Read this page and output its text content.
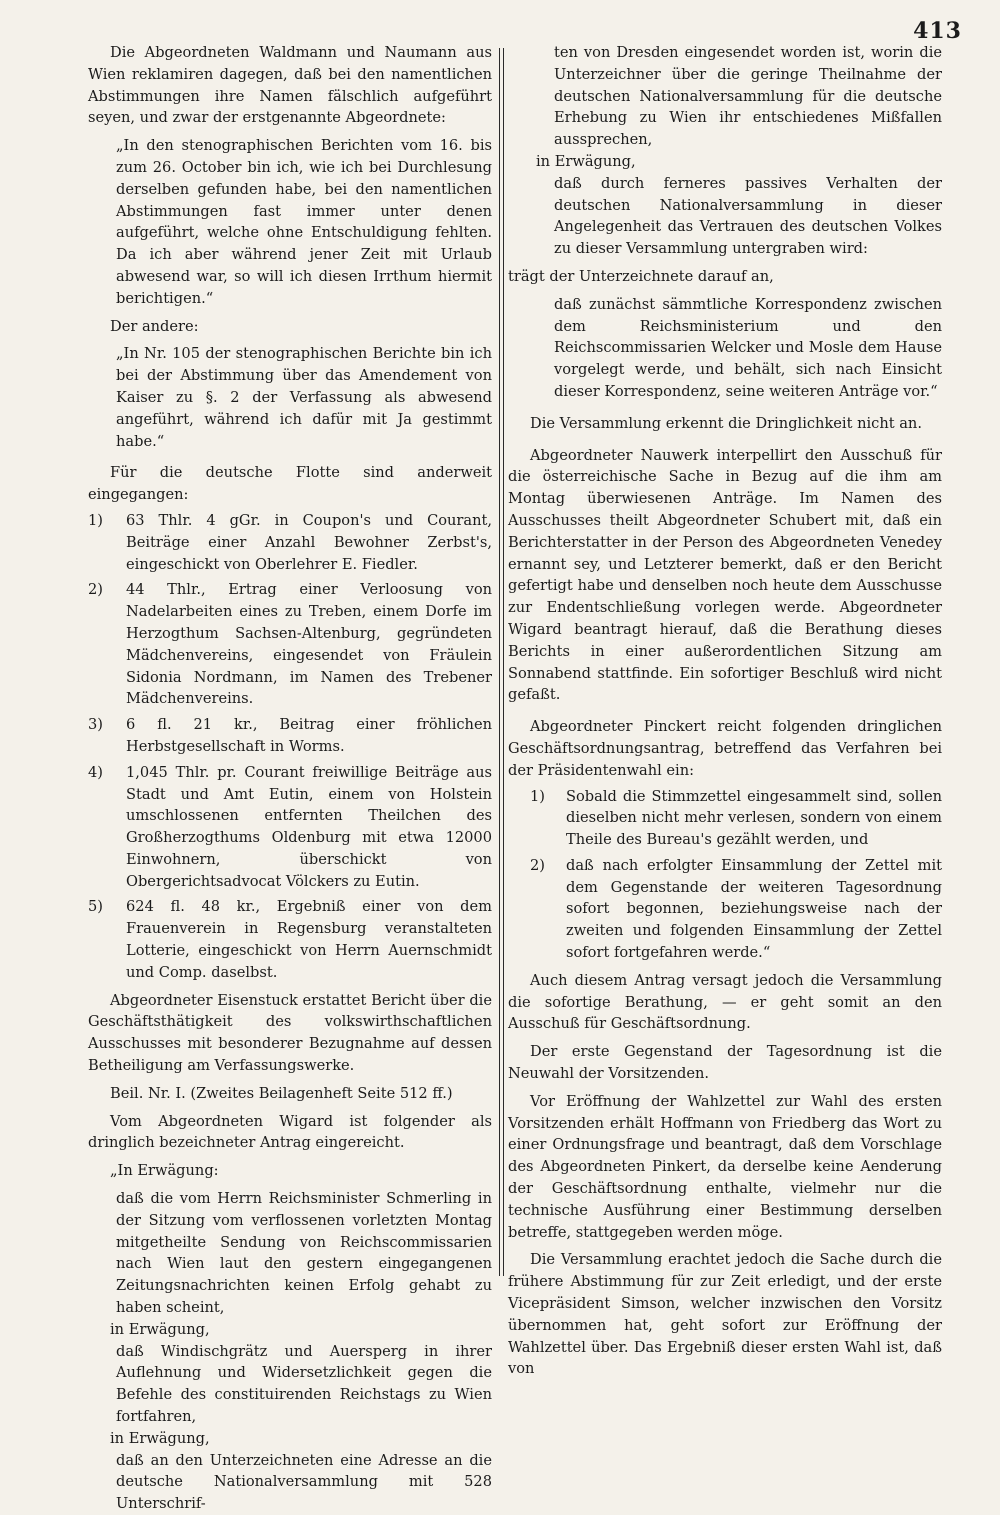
413

Die Abgeordneten Waldmann und Naumann aus Wien reklamiren dagegen, daß bei den namentlichen Abstimmungen ihre Namen fälschlich aufgeführt seyen, und zwar der erstgenannte Abgeordnete:

„In den stenographischen Berichten vom 16. bis zum 26. October bin ich, wie ich bei Durchlesung derselben gefunden habe, bei den namentlichen Abstimmungen fast immer unter denen aufgeführt, welche ohne Entschuldigung fehlten. Da ich aber während jener Zeit mit Urlaub abwesend war, so will ich diesen Irrthum hiermit berichtigen.“

Der andere:

„In Nr. 105 der stenographischen Berichte bin ich bei der Abstimmung über das Amendement von Kaiser zu §. 2 der Verfassung als abwesend angeführt, während ich dafür mit Ja gestimmt habe.“

Für die deutsche Flotte sind anderweit eingegangen:

1)	63 Thlr. 4 gGr. in Coupon's und Courant, Beiträge einer Anzahl Bewohner Zerbst's, eingeschickt von Oberlehrer E. Fiedler.
2)	44 Thlr., Ertrag einer Verloosung von Nadelarbeiten eines zu Treben, einem Dorfe im Herzogthum Sachsen-Altenburg, gegründeten Mädchenvereins, eingesendet von Fräulein Sidonia Nordmann, im Namen des Trebener Mädchenvereins.
3)	6 fl. 21 kr., Beitrag einer fröhlichen Herbstgesellschaft in Worms.
4)	1,045 Thlr. pr. Courant freiwillige Beiträge aus Stadt und Amt Eutin, einem von Holstein umschlossenen entfernten Theilchen des Großherzogthums Oldenburg mit etwa 12000 Einwohnern, überschickt von Obergerichtsadvocat Völckers zu Eutin.
5)	624 fl. 48 kr., Ergebniß einer von dem Frauenverein in Regensburg veranstalteten Lotterie, eingeschickt von Herrn Auernschmidt und Comp. daselbst.

Abgeordneter Eisenstuck erstattet Bericht über die Geschäftsthätigkeit des volkswirthschaftlichen Ausschusses mit besonderer Bezugnahme auf dessen Betheiligung am Verfassungswerke.

Beil. Nr. I. (Zweites Beilagenheft Seite 512 ff.)

Vom Abgeordneten Wigard ist folgender als dringlich bezeichneter Antrag eingereicht.

„In Erwägung:

daß die vom Herrn Reichsminister Schmerling in der Sitzung vom verflossenen vorletzten Montag mitgetheilte Sendung von Reichscommissarien nach Wien laut den gestern eingegangenen Zeitungsnachrichten keinen Erfolg gehabt zu haben scheint,

in Erwägung,

daß Windischgrätz und Auersperg in ihrer Auflehnung und Widersetzlichkeit gegen die Befehle des constituirenden Reichstags zu Wien fortfahren,

in Erwägung,

daß an den Unterzeichneten eine Adresse an die deutsche Nationalversammlung mit 528 Unterschrif-

ten von Dresden eingesendet worden ist, worin die Unterzeichner über die geringe Theilnahme der deutschen Nationalversammlung für die deutsche Erhebung zu Wien ihr entschiedenes Mißfallen aussprechen,

in Erwägung,

daß durch ferneres passives Verhalten der deutschen Nationalversammlung in dieser Angelegenheit das Vertrauen des deutschen Volkes zu dieser Versammlung untergraben wird:

trägt der Unterzeichnete darauf an,

daß zunächst sämmtliche Korrespondenz zwischen dem Reichsministerium und den Reichscommissarien Welcker und Mosle dem Hause vorgelegt werde, und behält, sich nach Einsicht dieser Korrespondenz, seine weiteren Anträge vor.“

Die Versammlung erkennt die Dringlichkeit nicht an.

Abgeordneter Nauwerk interpellirt den Ausschuß für die österreichische Sache in Bezug auf die ihm am Montag überwiesenen Anträge. Im Namen des Ausschusses theilt Abgeordneter Schubert mit, daß ein Berichterstatter in der Person des Abgeordneten Venedey ernannt sey, und Letzterer bemerkt, daß er den Bericht gefertigt habe und denselben noch heute dem Ausschusse zur Endentschließung vorlegen werde. Abgeordneter Wigard beantragt hierauf, daß die Berathung dieses Berichts in einer außerordentlichen Sitzung am Sonnabend stattfinde. Ein sofortiger Beschluß wird nicht gefaßt.

Abgeordneter Pinckert reicht folgenden dringlichen Geschäftsordnungsantrag, betreffend das Verfahren bei der Präsidentenwahl ein:

1)	Sobald die Stimmzettel eingesammelt sind, sollen dieselben nicht mehr verlesen, sondern von einem Theile des Bureau's gezählt werden, und
2)	daß nach erfolgter Einsammlung der Zettel mit dem Gegenstande der weiteren Tagesordnung sofort begonnen, beziehungsweise nach der zweiten und folgenden Einsammlung der Zettel sofort fortgefahren werde.“

Auch diesem Antrag versagt jedoch die Versammlung die sofortige Berathung, — er geht somit an den Ausschuß für Geschäftsordnung.

Der erste Gegenstand der Tagesordnung ist die Neuwahl der Vorsitzenden.

Vor Eröffnung der Wahlzettel zur Wahl des ersten Vorsitzenden erhält Hoffmann von Friedberg das Wort zu einer Ordnungsfrage und beantragt, daß dem Vorschlage des Abgeordneten Pinkert, da derselbe keine Aenderung der Geschäftsordnung enthalte, vielmehr nur die technische Ausführung einer Bestimmung derselben betreffe, stattgegeben werden möge.

Die Versammlung erachtet jedoch die Sache durch die frühere Abstimmung für zur Zeit erledigt, und der erste Vicepräsident Simson, welcher inzwischen den Vorsitz übernommen hat, geht sofort zur Eröffnung der Wahlzettel über. Das Ergebniß dieser ersten Wahl ist, daß von
